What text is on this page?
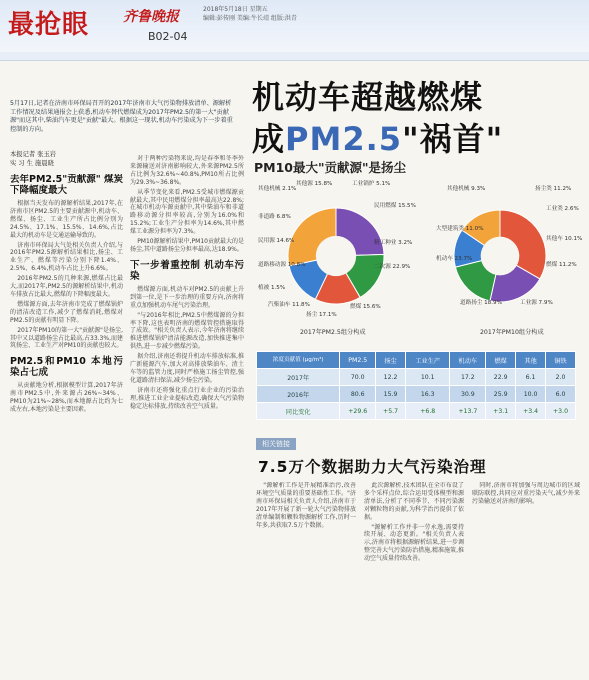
最抢眼 齐鲁晚报
B02-04
2018年5月18日 星期五
编辑:彭传刚 美编:牛长靖 组版:洪青
5月17日,记者在济南市环保局召开的2017年济南市大气污染物排放清单、源解析工作情况及结果通报会上获悉,机动车替代燃煤成为2017年PM2.5的第一大"贡献源"而这其中,柴油汽车更是"贡献"最大。根据这一现状,机动车污染成为下一步着重控制的方向。
本报记者 张玉岩
实 习 生 施晨晓
去年PM2.5"贡献源" 煤炭下降幅度最大

根据当天发布的源解析结果,2017年,在济南市区PM2.5的主要贡献源中,机动车、燃煤、扬尘、工业生产所占比例分别为24.5%、17.1%、15.5%、14.6%,占比最大的机动车是交通运输导致的。

济南市环保局大气处相关负责人介绍,与2016年PM2.5源解析结果相比,扬尘、工业生产、燃煤等污染分别下降1.4%、2.5%、6.4%,机动车占比上升6.6%。

2016年PM2.5的几种来源,燃煤占比最大,而2017年,PM2.5的源解析结果中,机动车排放占比最大,燃煤的下降幅度最大。

燃煤源方面,去年济南市完成了燃煤锅炉的清洁改造工作,减少了燃煤消耗,燃煤对PM2.5的贡献有明显下降。

2017年PM10的第一大"贡献源"是扬尘,其中又以道路扬尘占比最高,占33.3%,而建筑扬尘、工业生产对PM10的贡献也较大。

PM2.5和PM10 本地污染占七成

从贡献地分析,根据模型计算,2017年济南市PM2.5中,外来源占26%~34%、PM10为21%~28%,而本地源占比约为七成左右,本地污染是主要因素。

对于两种污染物来说,均是春季和冬季外来源输送对济南影响较大,外来源PM2.5所占比例为32.6%~40.8%,PM10所占比例为29.3%~36.8%。

从季节变化来看,PM2.5受城市燃煤源贡献最大,其中民用燃煤分担率最高达22.8%;在城市机动车源贡献中,其中柴油车和非道路移动源分担率较高,分别为16.0%和15.2%;工业生产分担率为14.6%,其中燃煤工业源分担率为7.3%。

PM10源解析结果中,PM10贡献最大的是扬尘,其中道路扬尘分担率最高,达18.9%。

下一步着重控制 机动车污染

燃煤源方面,机动车对PM2.5的贡献上升到第一位,是下一步治理的重要方向,济南将重点加强机动车尾气污染治理。

"与2016年相比,PM2.5中燃煤源的分担率下降,这也表明济南的燃煤管控措施取得了成效。"相关负责人表示,今年济南将继续推进燃煤锅炉清洁能源改造,加快推进集中供热,进一步减少燃煤污染。

据介绍,济南还将提升机动车排放标准,推广新能源汽车,加大对高排放柴油车、渣土车等的监管力度,同时严格施工扬尘管控,强化道路清扫保洁,减少扬尘污染。

济南市还将强化重点行业企业的污染治理,推进工业企业提标改造,确保大气污染物稳定达标排放,持续改善空气质量。

机动车超越燃煤
成PM2.5"祸首"
PM10最大"贡献源"是扬尘
其他机械 2.1%
非道路 6.8%
其他源 15.8%	工业锅炉 5.1%
民用燃煤 15.5%
民用源 14.6%
道路移动源 10.8%
精工种业 3.2%
二次源 22.9%
汽柴油车 11.8%
扬尘 17.1%
燃煤 15.6%
植被 1.5%
其他机械 9.3%	扬尘类 11.2%
工业类 2.6%
大型建筑类 11.0%
机动车 23.7%
其他车 10.1%
燃煤 11.2%
道路扬尘 18.9%	工业源 7.9%
2017年PM2.5组分构成	2017年PM10组分构成
浓度贡献值 (μg/m³)	PM2.5	扬尘	工业生产	机动车	燃煤	其他	铜铁
2017年	70.0	12.2	10.1	17.2	22.9	6.1	2.0
2016年	80.6	15.9	16.3	30.9	25.9	10.0	6.0
同比变化	+29.6	+5.7	+6.8	+13.7	+3.1	+3.4	+3.0
相关链接
7.5万个数据助力大气污染治理

"源解析工作是开展精准治污,改善环境空气质量的重要基础性工作。"济南市环保局相关负责人介绍,济南市于2017年开展了新一轮大气污染物排放清单编制和颗粒物源解析工作,历时一年多,共获取7.5万个数据。

此次源解析,技术团队在全市布设了多个采样点位,综合运用受体模型和源清单法,分析了不同季节、不同污染源对颗粒物的贡献,为科学治污提供了依据。

"源解析工作并非一劳永逸,需要持续开展、动态更新。"相关负责人表示,济南市将根据源解析结果,进一步调整完善大气污染防治措施,精准施策,推动空气质量持续改善。

同时,济南市将加强与周边城市的区域联防联控,共同应对重污染天气,减少外来污染输送对济南的影响。
